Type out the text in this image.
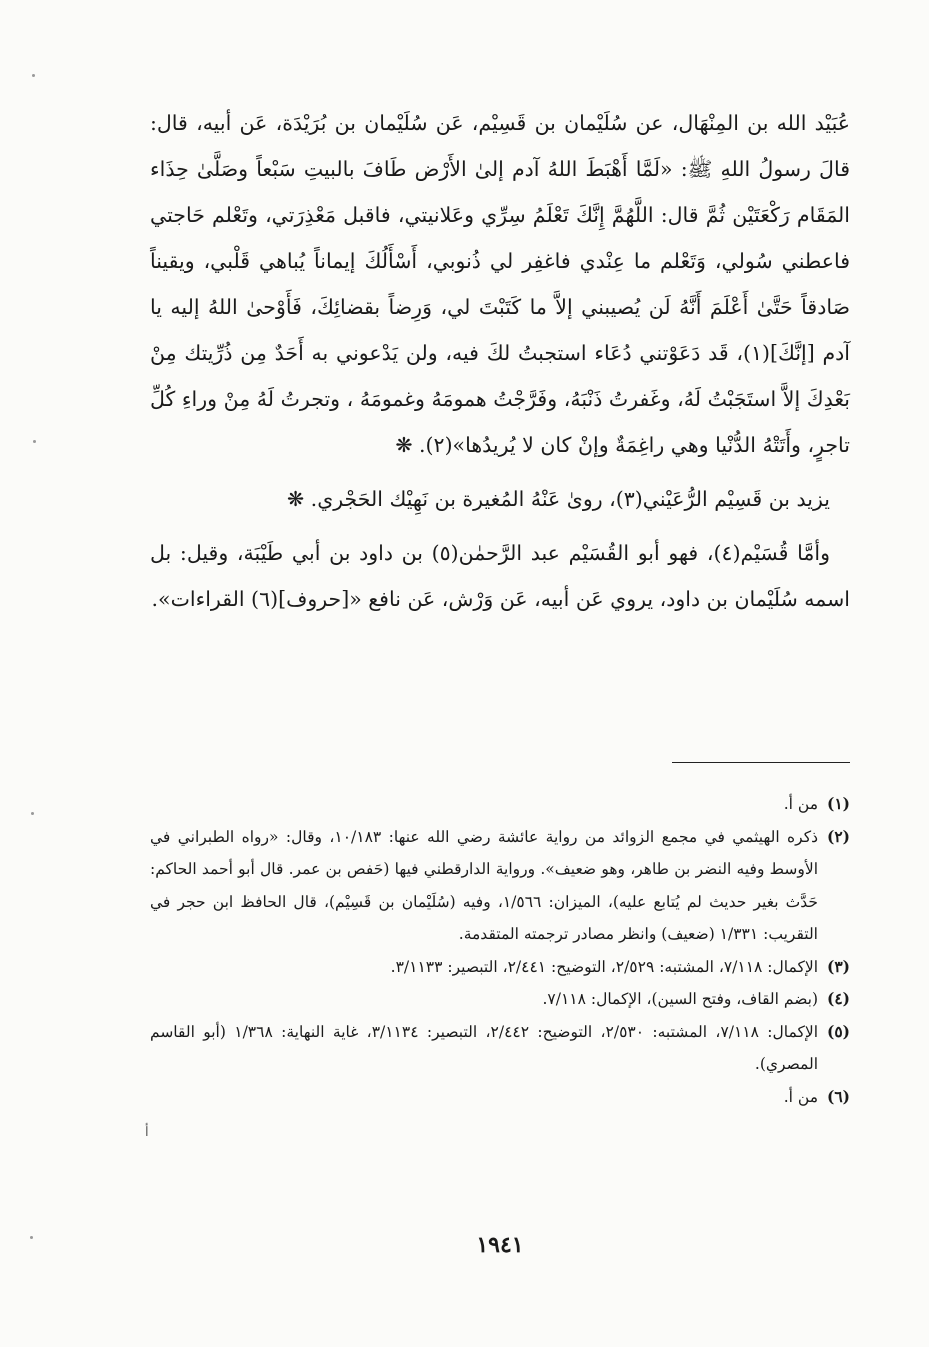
عُبَيْد الله بن المِنْهَال، عن سُلَيْمان بن قَسِيْم، عَن سُلَيْمان بن بُرَيْدَة، عَن أبيه، قال: قالَ رسولُ اللهِ ﷺ: «لَمَّا أَهْبَطَ اللهُ آدم إلىٰ الأَرْض طَافَ بالبيتِ سَبْعاً وصَلَّىٰ حِذَاء المَقَام رَكْعَتَيْن ثُمَّ قال: اللَّهُمَّ إِنَّكَ تَعْلَمُ سِرِّي وعَلانيتي، فاقبل مَعْذِرَتي، وتَعْلم حَاجتي فاعطني سُولي، وَتَعْلم ما عِنْدي فاغفِر لي ذُنوبي، أَسْأَلُكَ إيماناً يُباهي قَلْبي، ويقيناً صَادقاً حَتَّىٰ أَعْلَمَ أَنَّهُ لَن يُصيبني إلاَّ ما كَتَبْتَ لي، وَرِضاً بقضائِكَ، فَأَوْحىٰ اللهُ إليه يا آدم [إنَّكَ](١)، قَد دَعَوْتني دُعَاء استجبتُ لكَ فيه، ولن يَدْعوني به أَحَدٌ مِن ذُرِّيتك مِنْ بَعْدِكَ إلاَّ استَجَبْتُ لَهُ، وغَفرتُ ذَنْبَهُ، وفَرَّجْتُ همومَهُ وغمومَهُ ، وتجرتُ لَهُ مِنْ وراءِ كُلِّ تاجرٍ، وأَتَتْهُ الدُّنْيا وهي راغِمَةٌ وإنْ كان لا يُريدُها»(٢). ❋

يزيد بن قَسِيْم الرُّعَيْني(٣)، روىٰ عَنْهُ المُغيرة بن نَهِيْك الحَجْري. ❋

وأمَّا قُسَيْم(٤)، فهو أبو القُسَيْم عبد الرَّحمٰن(٥) بن داود بن أبي طَيْبَة، وقيل: بل اسمه سُلَيْمان بن داود، يروي عَن أبيه، عَن وَرْش، عَن نافع «[حروف](٦) القراءات».

(١)
من أ.

(٢)
ذكره الهيثمي في مجمع الزوائد من رواية عائشة رضي الله عنها: ١٠/١٨٣، وقال: «رواه الطبراني في الأوسط وفيه النضر بن طاهر، وهو ضعيف». ورواية الدارقطني فيها (حَفص بن عمر. قال أبو أحمد الحاكم: حَدَّث بغير حديث لم يُتابع عليه)، الميزان: ١/٥٦٦، وفيه (سُلَيْمان بن قَسِيْم)، قال الحافظ ابن حجر في التقريب: ١/٣٣١ (ضعيف) وانظر مصادر ترجمته المتقدمة.

(٣)
الإكمال: ٧/١١٨، المشتبه: ٢/٥٢٩، التوضيح: ٢/٤٤١، التبصير: ٣/١١٣٣.

(٤)
(بضم القاف، وفتح السين)، الإكمال: ٧/١١٨.

(٥)
الإكمال: ٧/١١٨، المشتبه: ٢/٥٣٠، التوضيح: ٢/٤٤٢، التبصير: ٣/١١٣٤، غاية النهاية: ١/٣٦٨ (أبو القاسم المصري).

(٦)
من أ.

١٩٤١
أ
